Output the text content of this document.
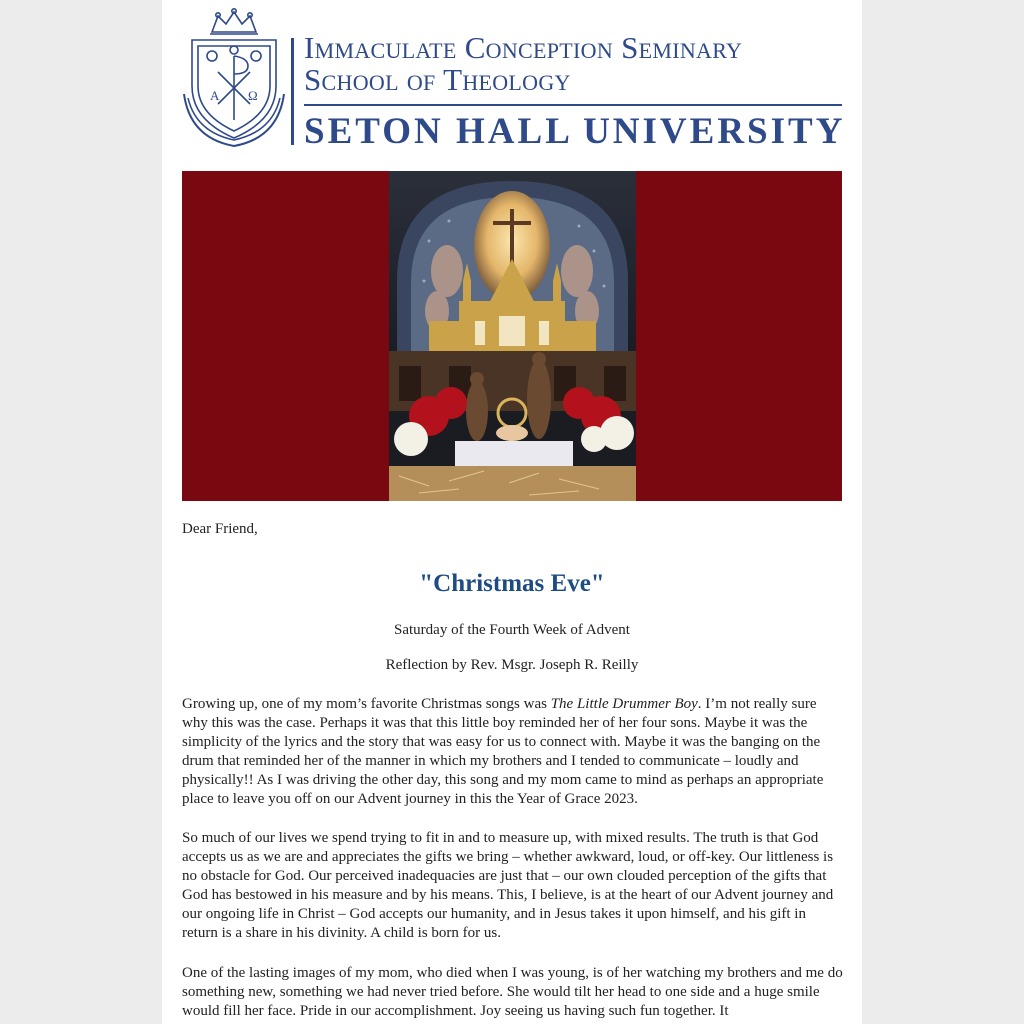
A Ω
Immaculate Conception Seminary
School of Theology
SETON HALL UNIVERSITY
Dear Friend,
"Christmas Eve"
Saturday of the Fourth Week of Advent
Reflection by Rev. Msgr. Joseph R. Reilly

Growing up, one of my mom’s favorite Christmas songs was The Little Drummer Boy. I’m not really sure why this was the case. Perhaps it was that this little boy reminded her of her four sons. Maybe it was the simplicity of the lyrics and the story that was easy for us to connect with. Maybe it was the banging on the drum that reminded her of the manner in which my brothers and I tended to communicate – loudly and physically!! As I was driving the other day, this song and my mom came to mind as perhaps an appropriate place to leave you off on our Advent journey in this the Year of Grace 2023.

So much of our lives we spend trying to fit in and to measure up, with mixed results. The truth is that God accepts us as we are and appreciates the gifts we bring – whether awkward, loud, or off-key. Our littleness is no obstacle for God. Our perceived inadequacies are just that – our own clouded perception of the gifts that God has bestowed in his measure and by his means. This, I believe, is at the heart of our Advent journey and our ongoing life in Christ – God accepts our humanity, and in Jesus takes it upon himself, and his gift in return is a share in his divinity. A child is born for us.

One of the lasting images of my mom, who died when I was young, is of her watching my brothers and me do something new, something we had never tried before. She would tilt her head to one side and a huge smile would fill her face. Pride in our accomplishment. Joy seeing us having such fun together. It
